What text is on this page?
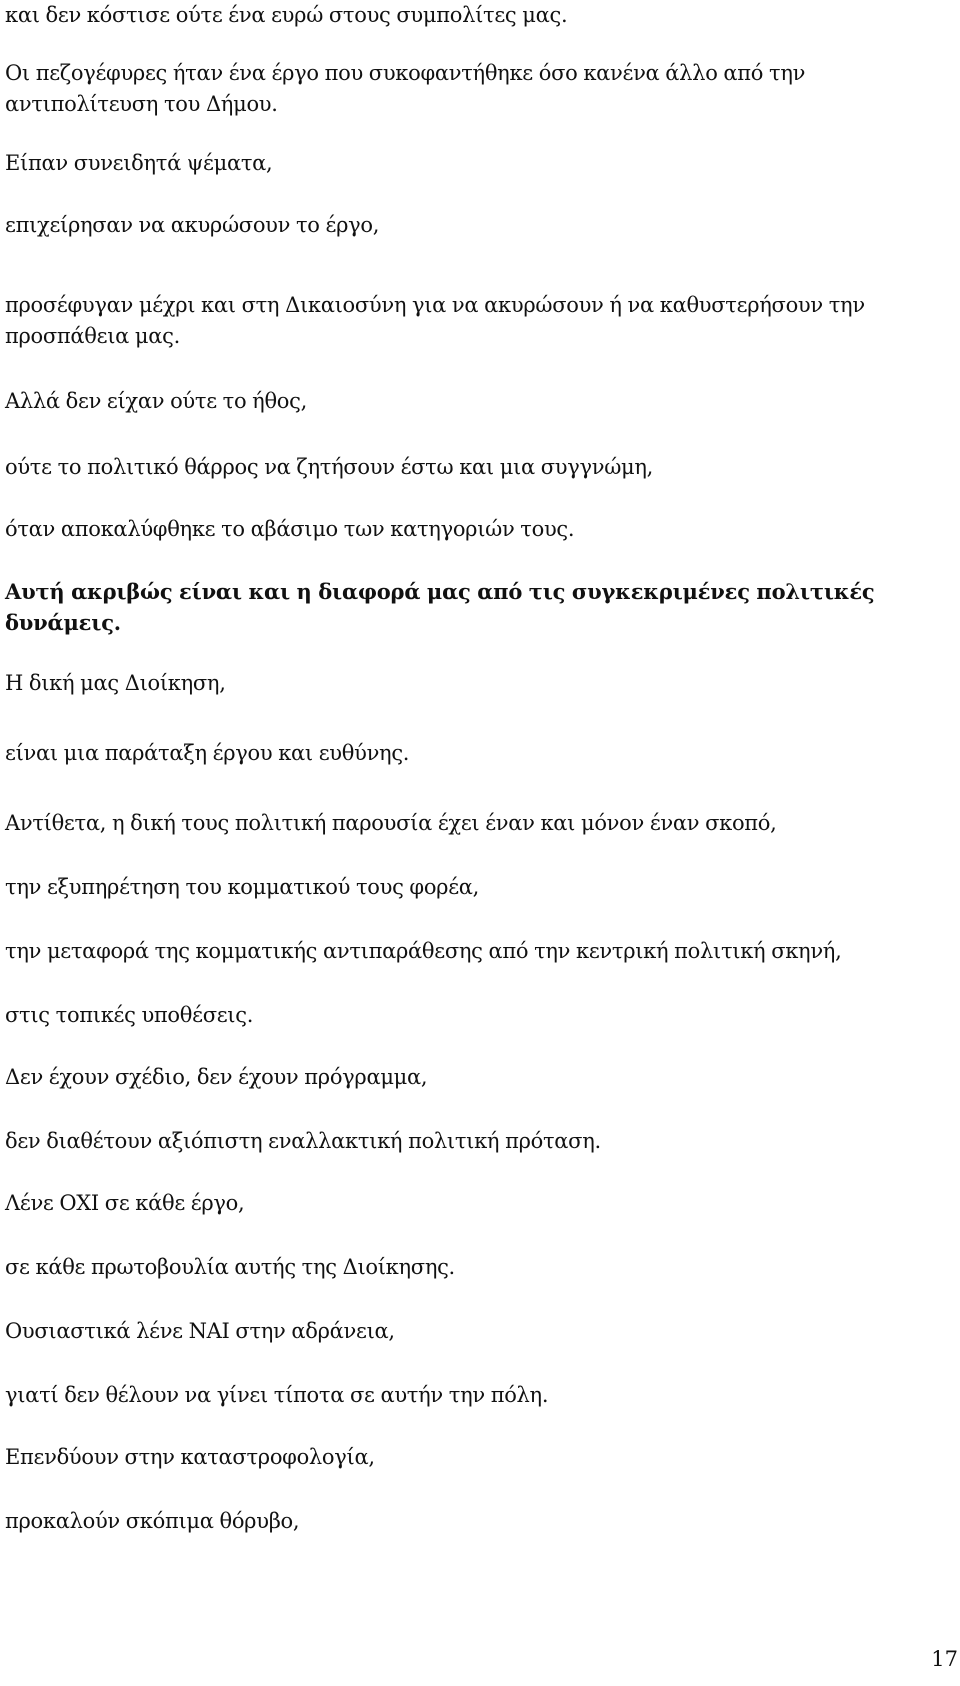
και δεν κόστισε ούτε ένα ευρώ στους συμπολίτες μας.

Οι πεζογέφυρες ήταν ένα έργο που συκοφαντήθηκε όσο κανένα άλλο από την αντιπολίτευση του Δήμου.

Είπαν συνειδητά ψέματα,

επιχείρησαν να ακυρώσουν το έργο,

προσέφυγαν μέχρι και στη Δικαιοσύνη για να ακυρώσουν ή να καθυστερήσουν την προσπάθεια μας.

Αλλά δεν είχαν ούτε το ήθος,

ούτε το πολιτικό θάρρος να ζητήσουν έστω και μια συγγνώμη,

όταν αποκαλύφθηκε το αβάσιμο των κατηγοριών τους.

Αυτή ακριβώς είναι και η διαφορά μας από τις συγκεκριμένες πολιτικές δυνάμεις.

Η δική μας Διοίκηση,

είναι μια παράταξη έργου και ευθύνης.

Αντίθετα, η δική τους πολιτική παρουσία έχει έναν και μόνον έναν σκοπό,

την εξυπηρέτηση του κομματικού τους φορέα,

την μεταφορά της κομματικής αντιπαράθεσης από την κεντρική πολιτική σκηνή,

στις τοπικές υποθέσεις.

Δεν έχουν σχέδιο, δεν έχουν πρόγραμμα,

δεν διαθέτουν αξιόπιστη εναλλακτική πολιτική πρόταση.

Λένε ΟΧΙ σε κάθε έργο,

σε κάθε πρωτοβουλία αυτής της Διοίκησης.

Ουσιαστικά λένε ΝΑΙ στην αδράνεια,

γιατί δεν θέλουν να γίνει τίποτα σε αυτήν την πόλη.

Επενδύουν στην καταστροφολογία,

προκαλούν σκόπιμα θόρυβο,

17
